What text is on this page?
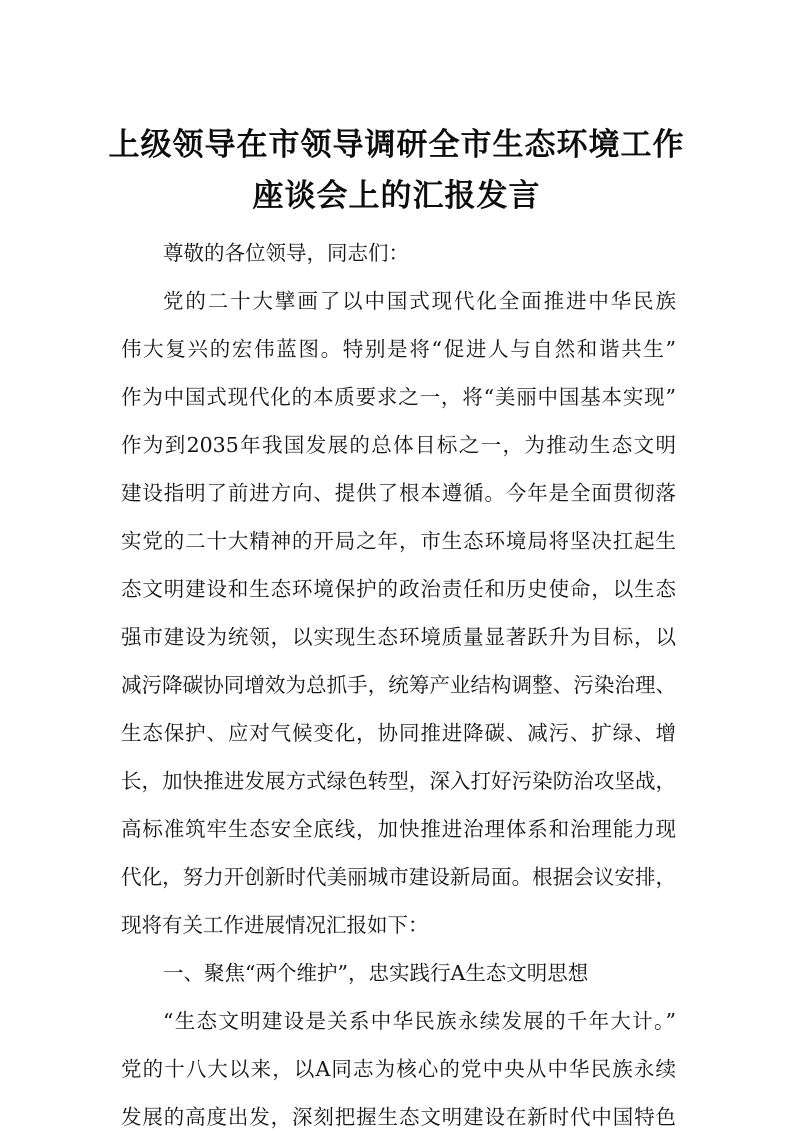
上级领导在市领导调研全市生态环境工作
座谈会上的汇报发言
尊敬的各位领导，同志们：
党的二十大擘画了以中国式现代化全面推进中华民族
伟大复兴的宏伟蓝图。特别是将“促进人与自然和谐共生”
作为中国式现代化的本质要求之一，将“美丽中国基本实现”
作为到2035年我国发展的总体目标之一，为推动生态文明
建设指明了前进方向、提供了根本遵循。今年是全面贯彻落
实党的二十大精神的开局之年，市生态环境局将坚决扛起生
态文明建设和生态环境保护的政治责任和历史使命，以生态
强市建设为统领，以实现生态环境质量显著跃升为目标，以
减污降碳协同增效为总抓手，统筹产业结构调整、污染治理、
生态保护、应对气候变化，协同推进降碳、减污、扩绿、增
长，加快推进发展方式绿色转型，深入打好污染防治攻坚战，
高标准筑牢生态安全底线，加快推进治理体系和治理能力现
代化，努力开创新时代美丽城市建设新局面。根据会议安排，
现将有关工作进展情况汇报如下：
一、聚焦“两个维护”，忠实践行A生态文明思想
“生态文明建设是关系中华民族永续发展的千年大计。”
党的十八大以来，以A同志为核心的党中央从中华民族永续
发展的高度出发，深刻把握生态文明建设在新时代中国特色
